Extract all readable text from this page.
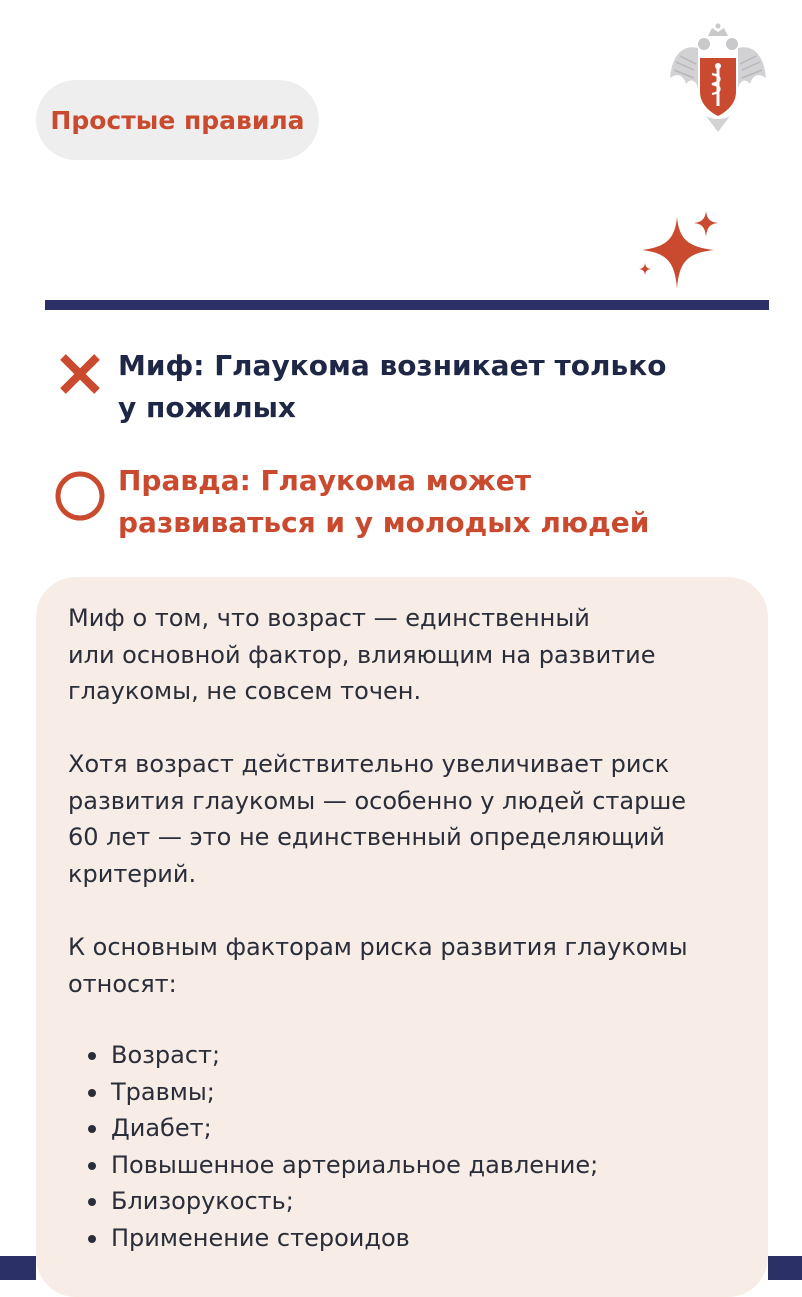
Простые правила
Миф: Глаукома возникает только
у пожилых
Правда: Глаукома может
развиваться и у молодых людей
Миф о том, что возраст — единственный
или основной фактор, влияющим на развитие
глаукомы, не совсем точен.
Хотя возраст действительно увеличивает риск
развития глаукомы — особенно у людей старше
60 лет — это не единственный определяющий
критерий.
К основным факторам риска развития глаукомы
относят:
Возраст;
Травмы;
Диабет;
Повышенное артериальное давление;
Близорукость;
Применение стероидов
